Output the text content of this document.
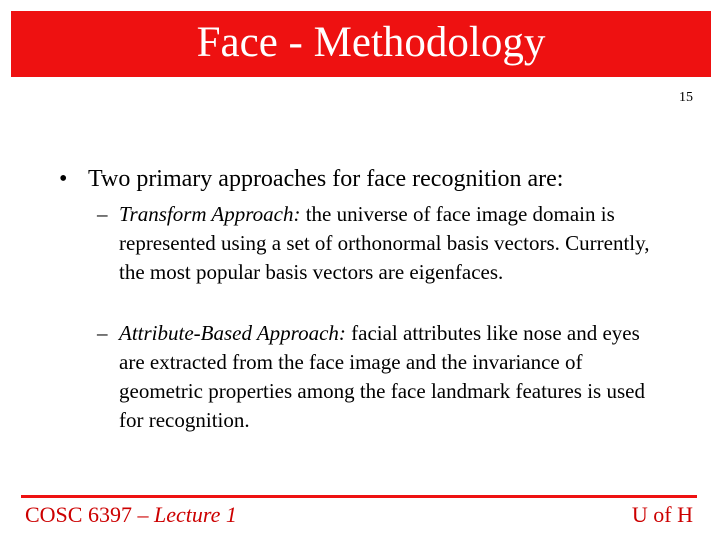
Face - Methodology
15
• Two primary approaches for face recognition are:
– Transform Approach: the universe of face image domain is represented using a set of orthonormal basis vectors. Currently, the most popular basis vectors are eigenfaces.
– Attribute-Based Approach: facial attributes like nose and eyes are extracted from the face image and the invariance of geometric properties among the face landmark features is used for recognition.
COSC 6397 – Lecture 1	U of H
